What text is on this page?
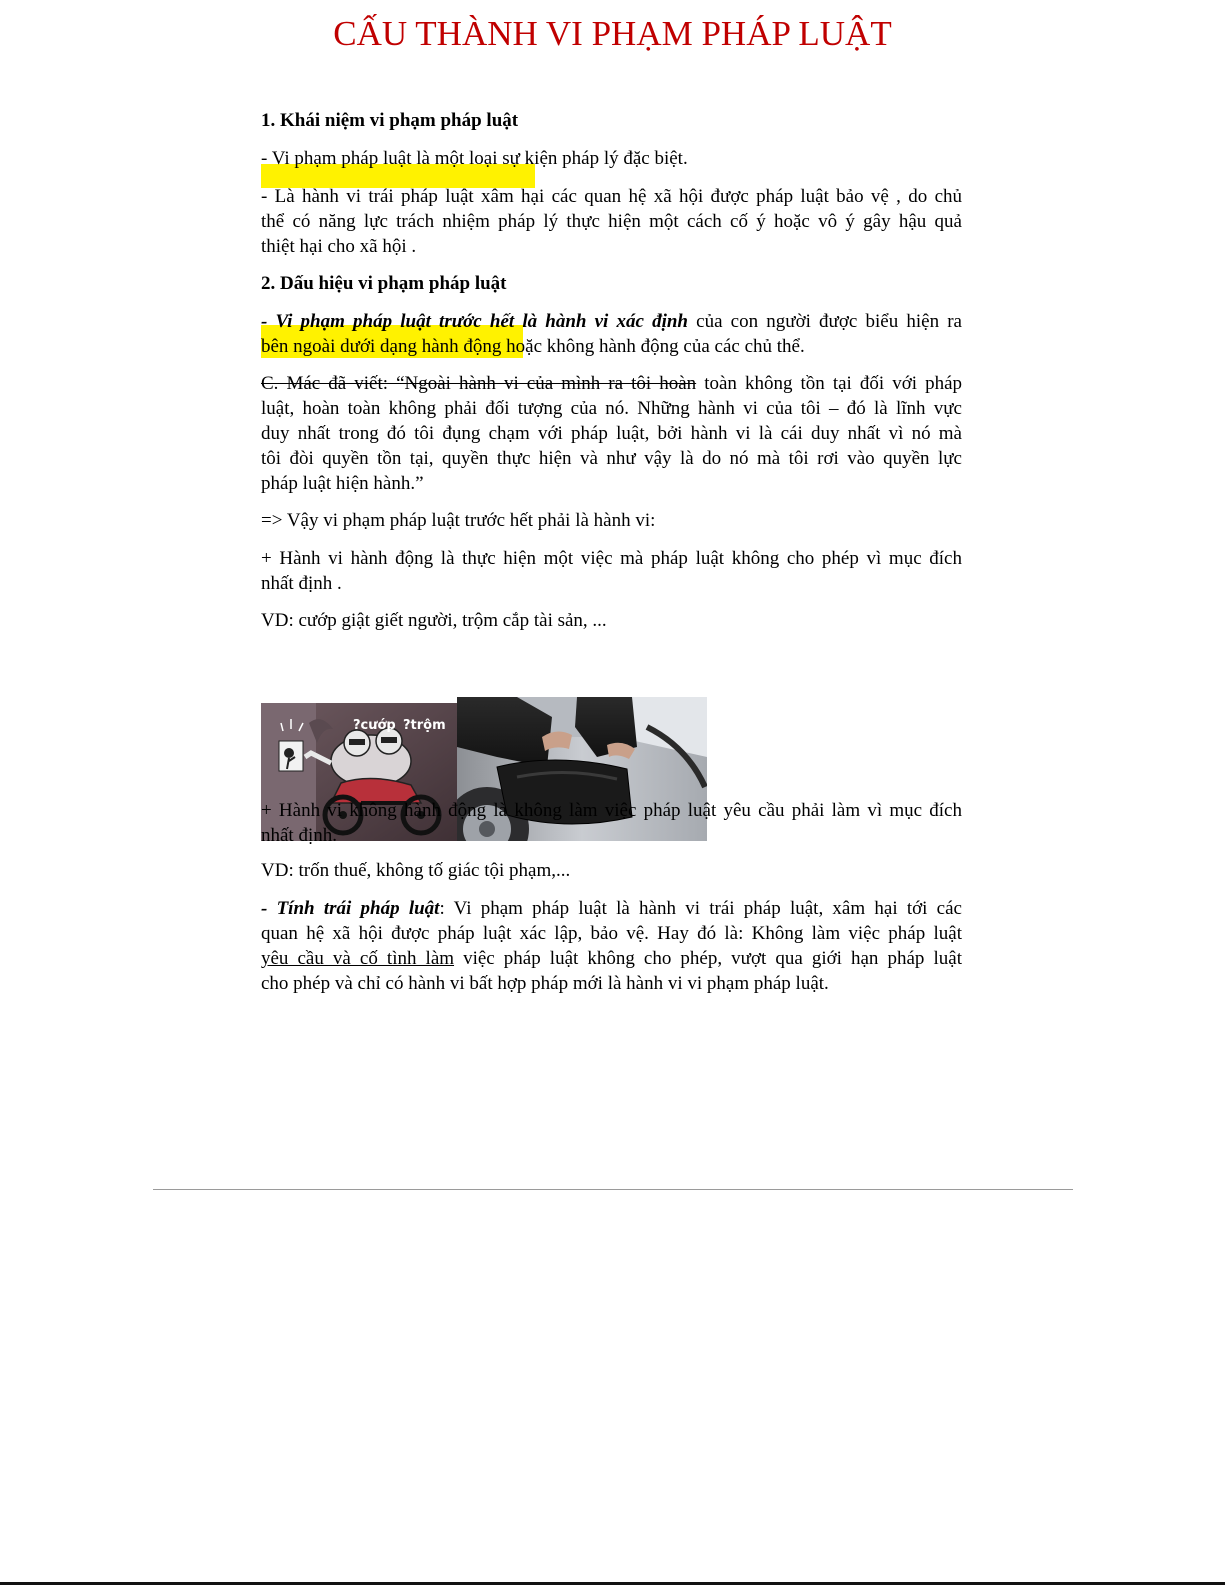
CẤU THÀNH VI PHẠM PHÁP LUẬT
1. Khái niệm vi phạm pháp luật
- Vi phạm pháp luật là một loại sự kiện pháp lý đặc biệt.
- Là hành vi trái pháp luật xâm hại các quan hệ xã hội được pháp luật bảo vệ , do chủ
thể có năng lực trách nhiệm pháp lý thực hiện một cách cố ý hoặc vô ý gây hậu quả
thiệt hại cho xã hội .
2. Dấu hiệu vi phạm pháp luật
- Vi phạm pháp luật trước hết là hành vi xác định của con người được biểu hiện ra
bên ngoài dưới dạng hành động hoặc không hành động của các chủ thể.
C. Mác đã viết: “Ngoài hành vi của mình ra tôi hoàn toàn không tồn tại đối với pháp
luật, hoàn toàn không phải đối tượng của nó. Những hành vi của tôi – đó là lĩnh vực
duy nhất trong đó tôi đụng chạm với pháp luật, bởi hành vi là cái duy nhất vì nó mà
tôi đòi quyền tồn tại, quyền thực hiện và như vậy là do nó mà tôi rơi vào quyền lực
pháp luật hiện hành.”
=> Vậy vi phạm pháp luật trước hết phải là hành vi:
+ Hành vi hành động là thực hiện một việc mà pháp luật không cho phép vì mục đích
nhất định .
VD: cướp giật giết người, trộm cắp tài sản, ...
VD: trốn thuế, không tố giác tội phạm,...
- Tính trái pháp luật: Vi phạm pháp luật là hành vi trái pháp luật, xâm hại tới các
quan hệ xã hội được pháp luật xác lập, bảo vệ. Hay đó là: Không làm việc pháp luật
yêu cầu và cố tình làm việc pháp luật không cho phép, vượt qua giới hạn pháp luật
cho phép và chỉ có hành vi bất hợp pháp mới là hành vi vi phạm pháp luật.
?cướp ?trộm
+ Hành vi không hành động là không làm việc pháp luật yêu cầu phải làm vì mục đích
nhất định.
